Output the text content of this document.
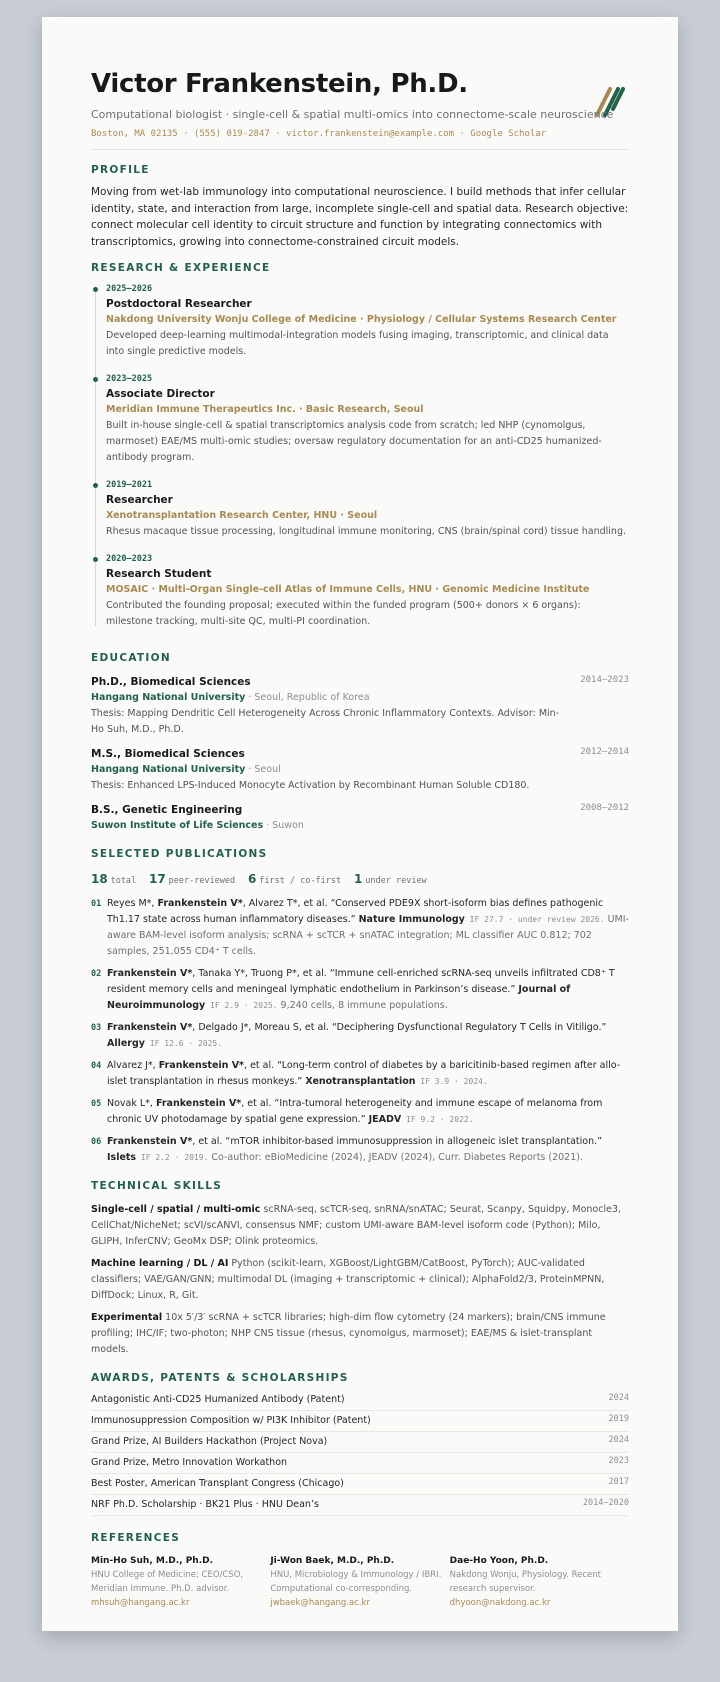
Victor Frankenstein, Ph.D.
Computational biologist · single-cell & spatial multi-omics into connectome-scale neuroscience
Boston, MA 02135 · (555) 019-2847 · victor.frankenstein@example.com · Google Scholar
PROFILE
Moving from wet-lab immunology into computational neuroscience. I build methods that infer cellular identity, state, and interaction from large, incomplete single-cell and spatial data. Research objective: connect molecular cell identity to circuit structure and function by integrating connectomics with transcriptomics, growing into connectome-constrained circuit models.
RESEARCH & EXPERIENCE
2025–2026
Postdoctoral Researcher
Nakdong University Wonju College of Medicine · Physiology / Cellular Systems Research Center
Developed deep-learning multimodal-integration models fusing imaging, transcriptomic, and clinical data into single predictive models.
2023–2025
Associate Director
Meridian Immune Therapeutics Inc. · Basic Research, Seoul
Built in-house single-cell & spatial transcriptomics analysis code from scratch; led NHP (cynomolgus, marmoset) EAE/MS multi-omic studies; oversaw regulatory documentation for an anti-CD25 humanized-antibody program.
2019–2021
Researcher
Xenotransplantation Research Center, HNU · Seoul
Rhesus macaque tissue processing, longitudinal immune monitoring, CNS (brain/spinal cord) tissue handling.
2020–2023
Research Student
MOSAIC · Multi-Organ Single-cell Atlas of Immune Cells, HNU · Genomic Medicine Institute
Contributed the founding proposal; executed within the funded program (500+ donors × 6 organs): milestone tracking, multi-site QC, multi-PI coordination.
EDUCATION
Ph.D., Biomedical Sciences	2014–2023
Hangang National University · Seoul, Republic of Korea
Thesis: Mapping Dendritic Cell Heterogeneity Across Chronic Inflammatory Contexts. Advisor: Min-Ho Suh, M.D., Ph.D.
M.S., Biomedical Sciences	2012–2014
Hangang National University · Seoul
Thesis: Enhanced LPS-Induced Monocyte Activation by Recombinant Human Soluble CD180.
B.S., Genetic Engineering	2008–2012
Suwon Institute of Life Sciences · Suwon
SELECTED PUBLICATIONS
18 total 17 peer-reviewed 6 first / co-first 1 under review
01 Reyes M*, Frankenstein V*, Alvarez T*, et al. “Conserved PDE9X short-isoform bias defines pathogenic Th1.17 state across human inflammatory diseases.” Nature Immunology IF 27.7 · under review 2026. UMI-aware BAM-level isoform analysis; scRNA + scTCR + snATAC integration; ML classifier AUC 0.812; 702 samples, 251,055 CD4⁺ T cells.
02 Frankenstein V*, Tanaka Y*, Truong P*, et al. “Immune cell-enriched scRNA-seq unveils infiltrated CD8⁺ T resident memory cells and meningeal lymphatic endothelium in Parkinson’s disease.” Journal of Neuroimmunology IF 2.9 · 2025. 9,240 cells, 8 immune populations.
03 Frankenstein V*, Delgado J*, Moreau S, et al. “Deciphering Dysfunctional Regulatory T Cells in Vitiligo.” Allergy IF 12.6 · 2025.
04 Alvarez J*, Frankenstein V*, et al. “Long-term control of diabetes by a baricitinib-based regimen after allo-islet transplantation in rhesus monkeys.” Xenotransplantation IF 3.9 · 2024.
05 Novak L*, Frankenstein V*, et al. “Intra-tumoral heterogeneity and immune escape of melanoma from chronic UV photodamage by spatial gene expression.” JEADV IF 9.2 · 2022.
06 Frankenstein V*, et al. “mTOR inhibitor-based immunosuppression in allogeneic islet transplantation.” Islets IF 2.2 · 2019. Co-author: eBioMedicine (2024), JEADV (2024), Curr. Diabetes Reports (2021).
TECHNICAL SKILLS
Single-cell / spatial / multi-omic scRNA-seq, scTCR-seq, snRNA/snATAC; Seurat, Scanpy, Squidpy, Monocle3, CellChat/NicheNet; scVI/scANVI, consensus NMF; custom UMI-aware BAM-level isoform code (Python); Milo, GLIPH, InferCNV; GeoMx DSP; Olink proteomics.
Machine learning / DL / AI Python (scikit-learn, XGBoost/LightGBM/CatBoost, PyTorch); AUC-validated classifiers; VAE/GAN/GNN; multimodal DL (imaging + transcriptomic + clinical); AlphaFold2/3, ProteinMPNN, DiffDock; Linux, R, Git.
Experimental 10x 5′/3′ scRNA + scTCR libraries; high-dim flow cytometry (24 markers); brain/CNS immune profiling; IHC/IF; two-photon; NHP CNS tissue (rhesus, cynomolgus, marmoset); EAE/MS & islet-transplant models.
AWARDS, PATENTS & SCHOLARSHIPS
Antagonistic Anti-CD25 Humanized Antibody (Patent)	2024
Immunosuppression Composition w/ PI3K Inhibitor (Patent)	2019
Grand Prize, AI Builders Hackathon (Project Nova)	2024
Grand Prize, Metro Innovation Workathon	2023
Best Poster, American Transplant Congress (Chicago)	2017
NRF Ph.D. Scholarship · BK21 Plus · HNU Dean’s	2014–2020
REFERENCES
Min-Ho Suh, M.D., Ph.D.
HNU College of Medicine; CEO/CSO, Meridian Immune. Ph.D. advisor.
mhsuh@hangang.ac.kr
Ji-Won Baek, M.D., Ph.D.
HNU, Microbiology & Immunology / IBRI. Computational co-corresponding.
jwbaek@hangang.ac.kr
Dae-Ho Yoon, Ph.D.
Nakdong Wonju, Physiology. Recent research supervisor.
dhyoon@nakdong.ac.kr
